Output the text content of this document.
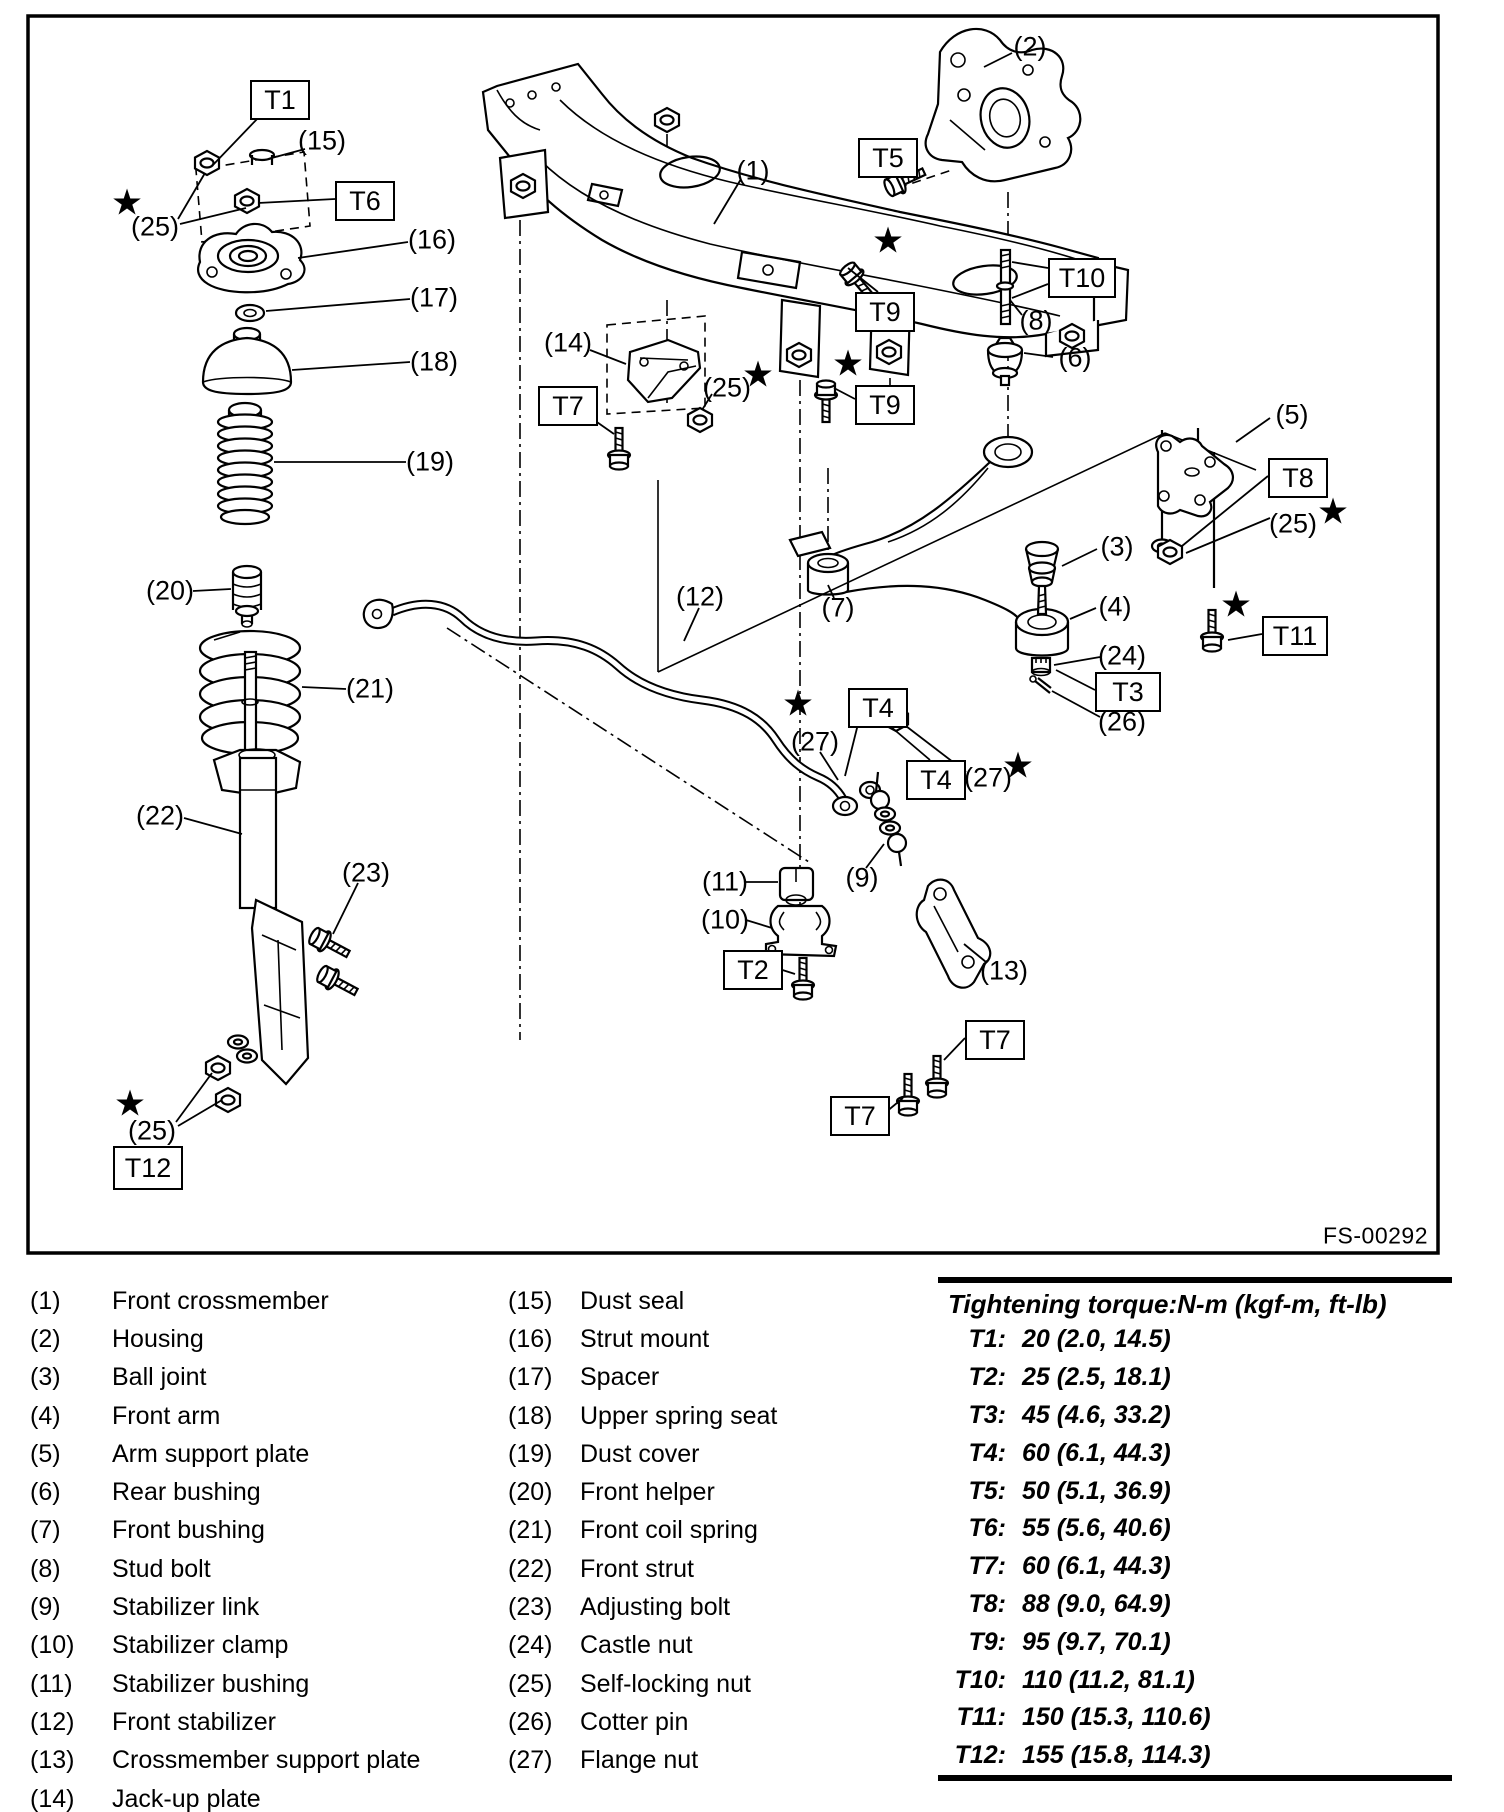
T1
T6
T5
T9
T10
T9
T7
T8
T11
T3
T4
T4
T2
T7
T7
T12
(15)
(25)	(16)
(17)
(18)
(19)
(20)
(21)
(22)
(23)
(25)
(1)
(2)
(14)
(25)
(8)
(6)
(5)
(25)
(3)
(4)
(24)
(26)
(7)
(12)
(27)
(27)
(9)
(11)
(10)
(13)
★
★
★
★
★
★
★
★
★
FS-00292
(1)	Front crossmember
(2)	Housing
(3)	Ball joint
(4)	Front arm
(5)	Arm support plate
(6)	Rear bushing
(7)	Front bushing
(8)	Stud bolt
(9)	Stabilizer link
(10)	Stabilizer clamp
(11)	Stabilizer bushing
(12)	Front stabilizer
(13)	Crossmember support plate
(14)	Jack-up plate
(15)	Dust seal
(16)	Strut mount
(17)	Spacer
(18)	Upper spring seat
(19)	Dust cover
(20)	Front helper
(21)	Front coil spring
(22)	Front strut
(23)	Adjusting bolt
(24)	Castle nut
(25)	Self-locking nut
(26)	Cotter pin
(27)	Flange nut
Tightening torque:N-m (kgf-m, ft-lb)
T1: 20 (2.0, 14.5)
T2: 25 (2.5, 18.1)
T3: 45 (4.6, 33.2)
T4: 60 (6.1, 44.3)
T5: 50 (5.1, 36.9)
T6: 55 (5.6, 40.6)
T7: 60 (6.1, 44.3)
T8: 88 (9.0, 64.9)
T9: 95 (9.7, 70.1)
T10: 110 (11.2, 81.1)
T11: 150 (15.3, 110.6)
T12: 155 (15.8, 114.3)
